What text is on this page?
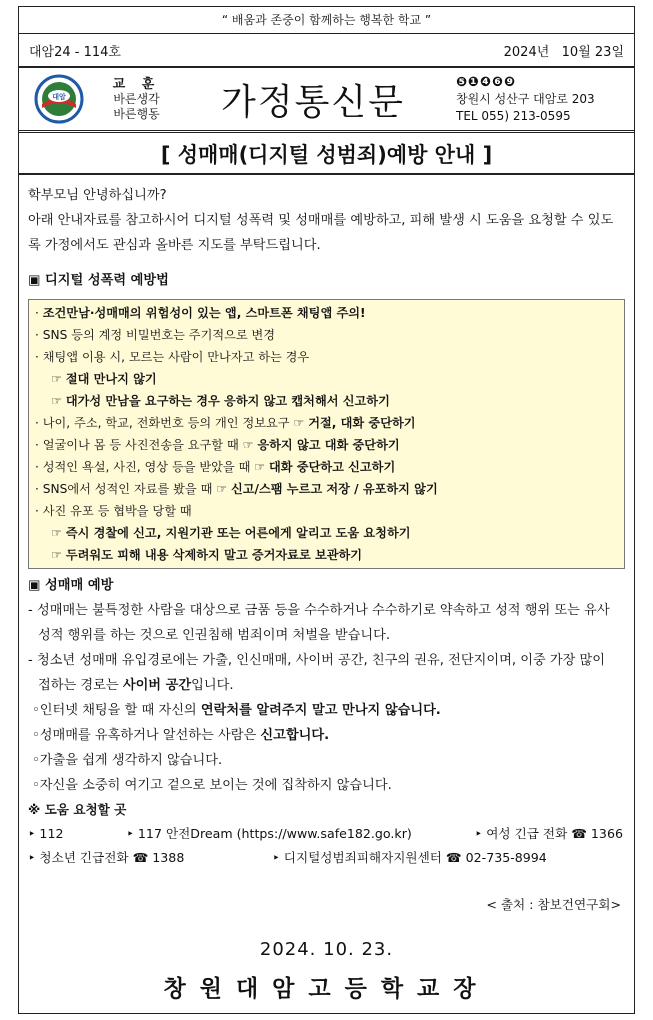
“ 배움과 존중이 함께하는 행복한 학교 ”
대암24 - 114호	2024년   10월 23일
대암
교 훈
바른생각
바른행동	가정통신문	❺❶❹❻❾
창원시 성산구 대암로 203
TEL 055) 213-0595
[ 성매매(디지털 성범죄)예방 안내 ]
학부모님 안녕하십니까?
아래 안내자료를 참고하시어 디지털 성폭력 및 성매매를 예방하고, 피해 발생 시 도움을 요청할 수 있도록 가정에서도 관심과 올바른 지도를 부탁드립니다.
▣ 디지털 성폭력 예방법
· 조건만남·성매매의 위험성이 있는 앱, 스마트폰 채팅앱 주의!
· SNS 등의 계정 비밀번호는 주기적으로 변경
· 채팅앱 이용 시, 모르는 사람이 만나자고 하는 경우
☞ 절대 만나지 않기
☞ 대가성 만남을 요구하는 경우 응하지 않고 캡처해서 신고하기
· 나이, 주소, 학교, 전화번호 등의 개인 정보요구 ☞ 거절, 대화 중단하기
· 얼굴이나 몸 등 사진전송을 요구할 때 ☞ 응하지 않고 대화 중단하기
· 성적인 욕설, 사진, 영상 등을 받았을 때 ☞ 대화 중단하고 신고하기
· SNS에서 성적인 자료를 봤을 때 ☞ 신고/스팸 누르고 저장 / 유포하지 않기
· 사진 유포 등 협박을 당할 때
☞ 즉시 경찰에 신고, 지원기관 또는 어른에게 알리고 도움 요청하기
☞ 두려워도 피해 내용 삭제하지 말고 증거자료로 보관하기
▣ 성매매 예방
- 성매매는 불특정한 사람을 대상으로 금품 등을 수수하거나 수수하기로 약속하고 성적 행위 또는 유사 성적 행위를 하는 것으로 인권침해 범죄이며 처벌을 받습니다.
- 청소년 성매매 유입경로에는 가출, 인신매매, 사이버 공간, 친구의 권유, 전단지이며, 이중 가장 많이   접하는 경로는 사이버 공간입니다.
◦인터넷 채팅을 할 때 자신의 연락처를 알려주지 말고 만나지 않습니다.
◦성매매를 유혹하거나 알선하는 사람은 신고합니다.
◦가출을 쉽게 생각하지 않습니다.
◦자신을 소중히 여기고 겉으로 보이는 것에 집착하지 않습니다.
※ 도움 요청할 곳
‣ 112	‣ 117 안전Dream (https://www.safe182.go.kr)	‣ 여성 긴급 전화 ☎ 1366
‣ 청소년 긴급전화 ☎ 1388	‣ 디지털성범죄피해자지원센터 ☎ 02-735-8994
< 출처 : 참보건연구회>
2024. 10. 23.
창원대암고등학교장
